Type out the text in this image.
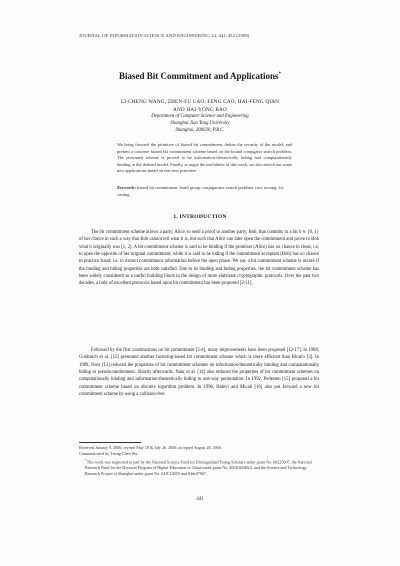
JOURNAL OF INFORMATION SCIENCE AND ENGINEERING 24, 441-452 (2008)
Biased Bit Commitment and Applications*
LI-CHENG WANG, ZHEN-FU CAO, FENG CAO, HAI-FENG QIAN
AND HAI-YONG BAO
Department of Computer Science and Engineering
Shanghai Jiao Tong University
Shanghai, 200030, P.R.C.
We bring forward the primitive of biased bit commitment, define the security of the model, and present a concrete biased bit commitment scheme based on the bound conjugator search problem. The presented scheme is proved to be information-theoretically hiding and computationally binding in the defined model. Finally, to argue the usefulness of this work, we also sketch out some new applications based on this new primitive.
Keywords: biased bit commitment, braid group, conjugacator search problem, coin tossing, lot-casting
1. INTRODUCTION

The bit commitment scheme allows a party, Alice, to send a proof to another party, Bob, that commits to a bit b ∈ {0, 1} of her choice in such a way that Bob cannot tell what b is, but such that Alice can later open the commitment and prove to Bob what b originally was [1, 2]. A bit commitment scheme is said to be binding if the promiser (Alice) has no chance to cheat, i.e. to open the opposite of her original commitment; while it is said to be hiding if the commitment acceptant (Bob) has no chance to practice fraud, i.e. to extract commitment information before the open phase. We say a bit commitment scheme is secure if the binding and hiding properties are both satisfied. Due to its binding and hiding properties, the bit commitment scheme has been widely considered as a useful building block in the design of more elaborate cryptographic protocols. Over the past two decades, a bulk of excellent protocols based upon bit commitment has been proposed [2-11].

Followed by the first constructions on bit commitment [2-4], many improvements have been proposed [12-17]. In 1988, Goldreich et al. [12] presented another factoring-based bit commitment scheme which is more efficient than Blum's [3]. In 1989, Naor [13] reduced the properties of bit commitment schemes on information-theoretically binding and computationally hiding to pseudo-randomness. Shortly afterwards, Naor et al. [14] also reduced the properties of bit commitment schemes on computationally binding and information-theoretically hiding to one-way permutation. In 1992, Pedersen [15] proposed a bit commitment scheme based on discrete logarithm problem. In 1996, Halevi and Micali [16] also put forward a new bit commitment scheme by using a collision-free

Received January 9, 2006; revised May 18 & July 26, 2006; accepted August 28, 2006.
Communicated by Tzong-Chen Wu.
*This work was supported in part by the National Science Fund for Distinguished Young Scholars under grant No. 60225007, the National Research Fund for the Doctoral Program of Higher Education of China under grant No. 20020248024, and the Science and Technology Research Project of Shanghai under grant No. 04JC14055 and 04dz07067.
441
